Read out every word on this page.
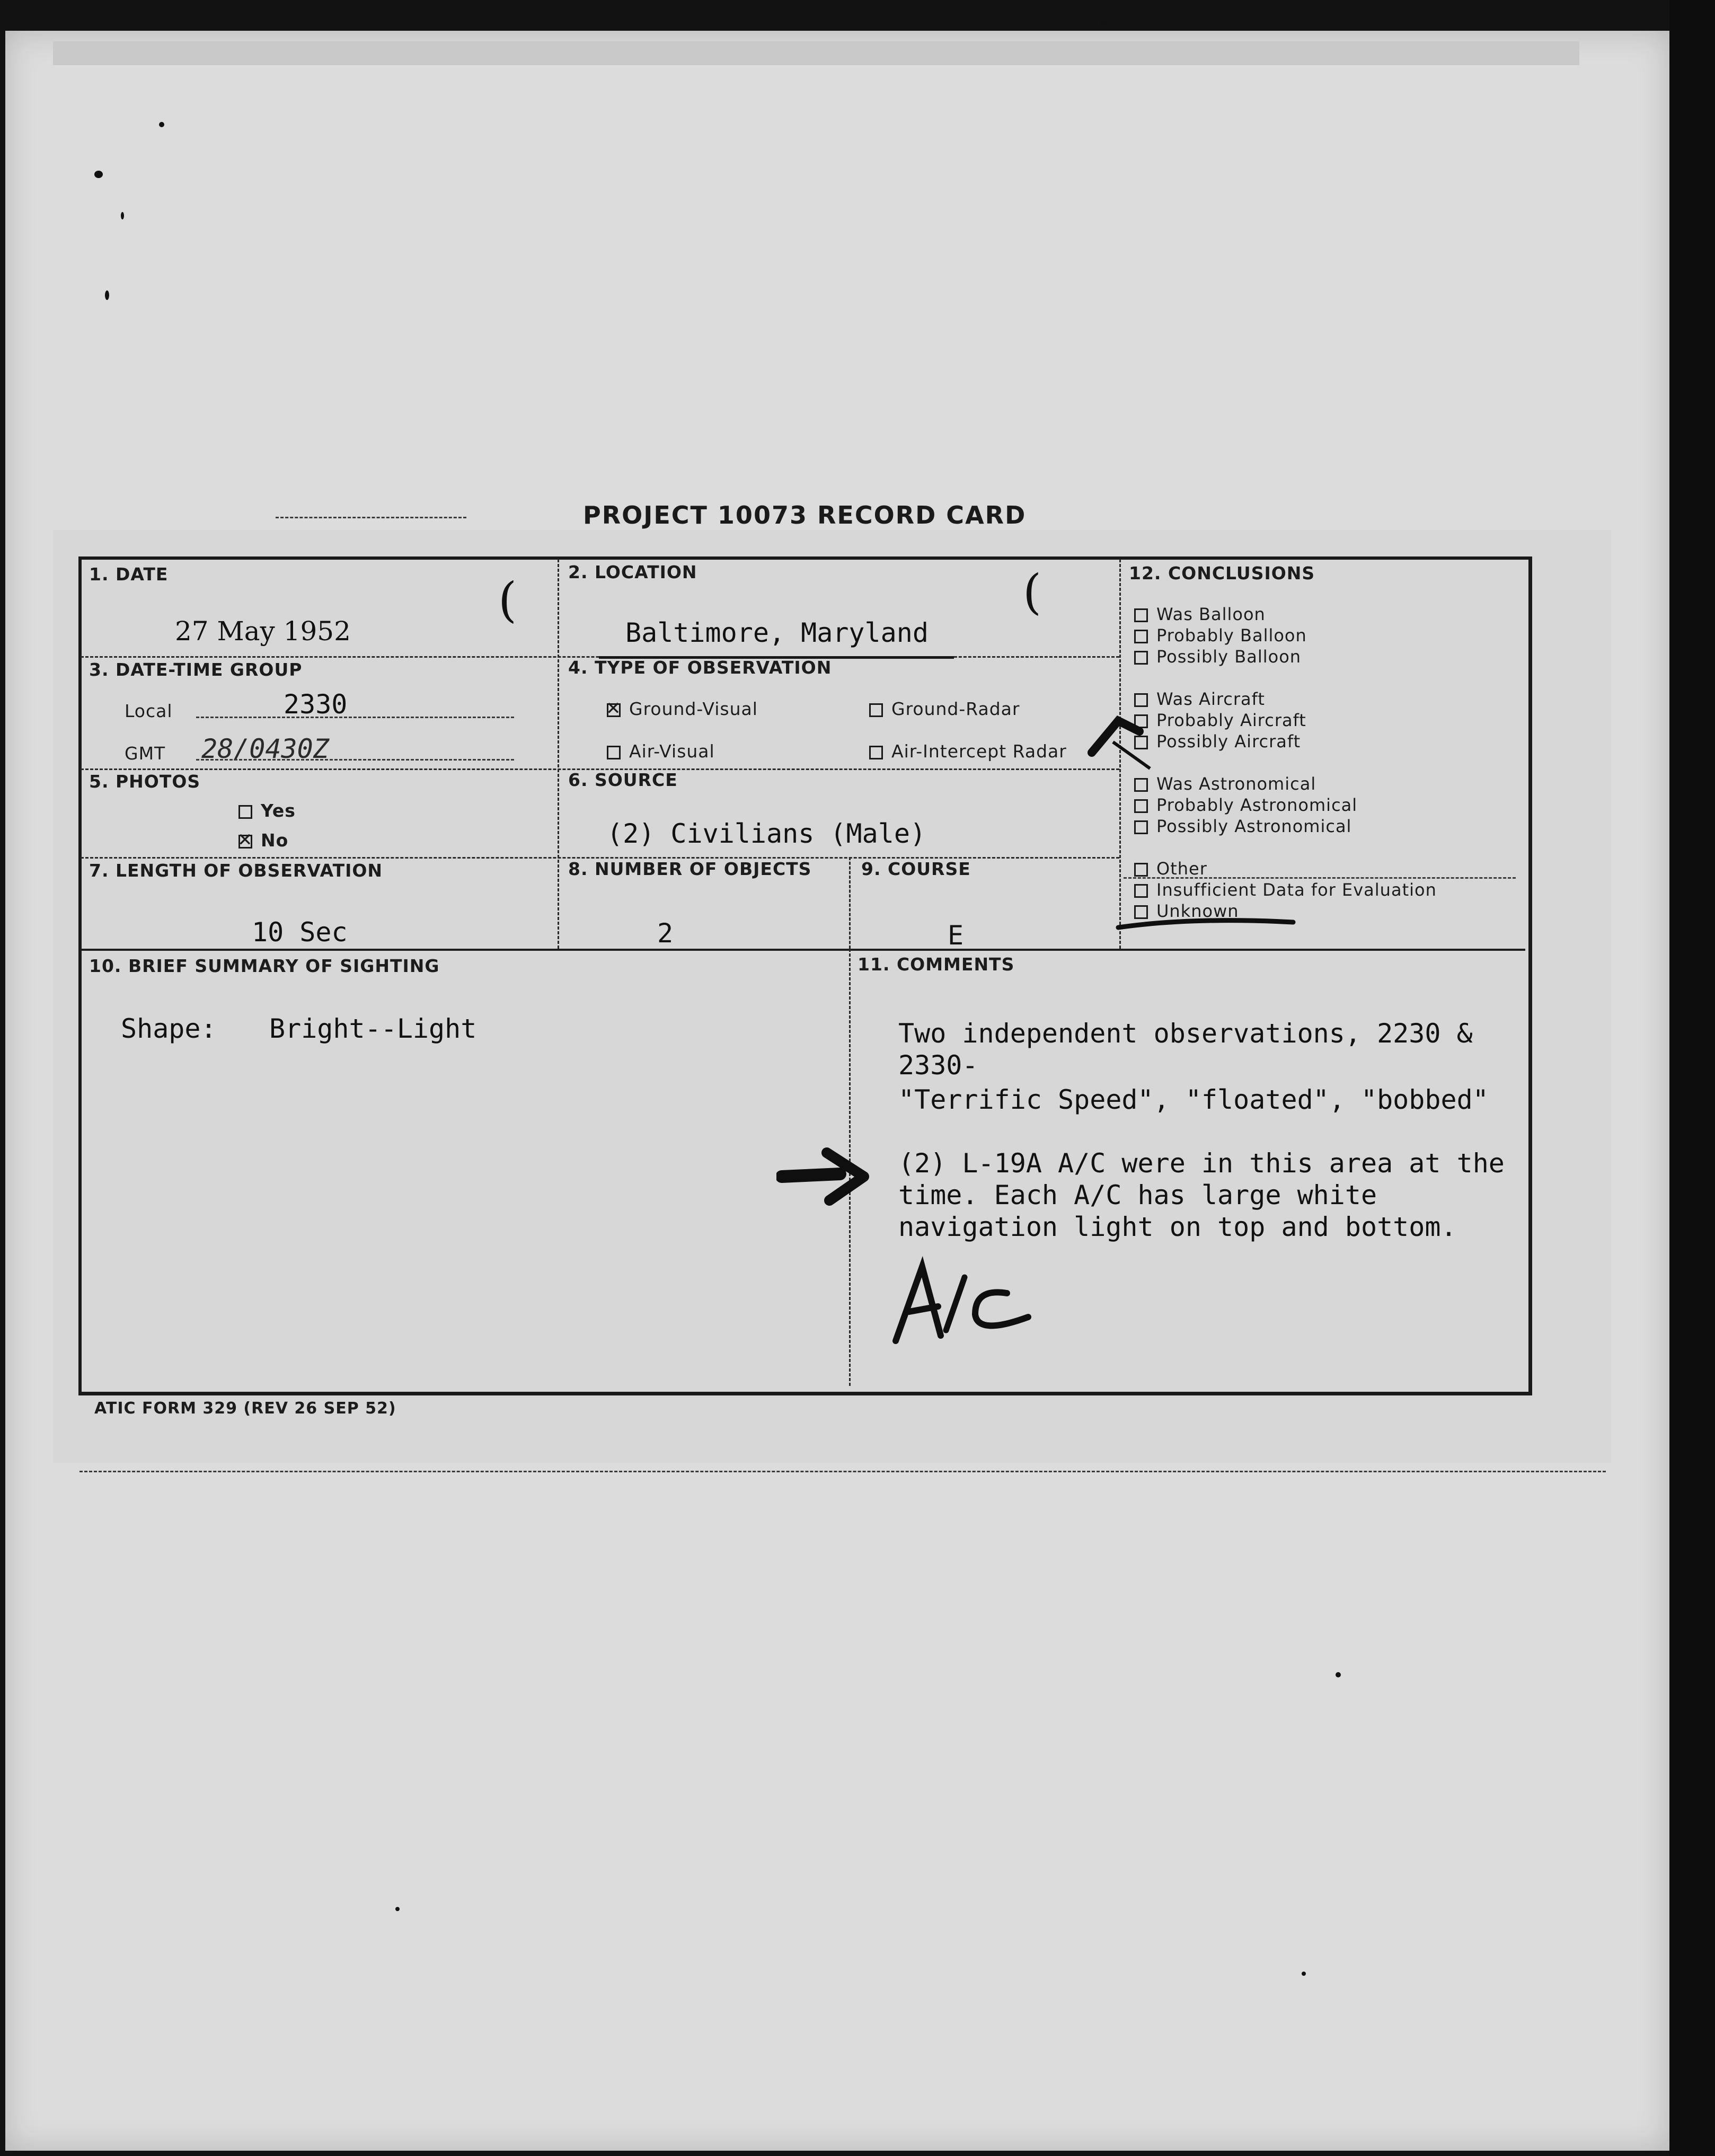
PROJECT 10073 RECORD CARD
1. DATE
27 May 1952
2. LOCATION
Baltimore, Maryland
3. DATE-TIME GROUP
Local	2330
GMT 28/0430Z
4. TYPE OF OBSERVATION
✕Ground-Visual	Ground-Radar
Air-Visual	Air-Intercept Radar
5. PHOTOS
Yes
✕No
6. SOURCE
(2) Civilians (Male)
7. LENGTH OF OBSERVATION
10 Sec
8. NUMBER OF OBJECTS
2
9. COURSE
E
12. CONCLUSIONS
Was Balloon
Probably Balloon
Possibly Balloon
Was Aircraft
Probably Aircraft
Possibly Aircraft
Was Astronomical
Probably Astronomical
Possibly Astronomical
Other
Insufficient Data for Evaluation
Unknown
10. BRIEF SUMMARY OF SIGHTING
Shape: Bright--Light
11. COMMENTS
Two independent observations, 2230 &
2330-
"Terrific Speed", "floated", "bobbed"
(2) L-19A A/C were in this area at the
time. Each A/C has large white
navigation light on top and bottom.
(	(
ATIC FORM 329 (REV 26 SEP 52)
